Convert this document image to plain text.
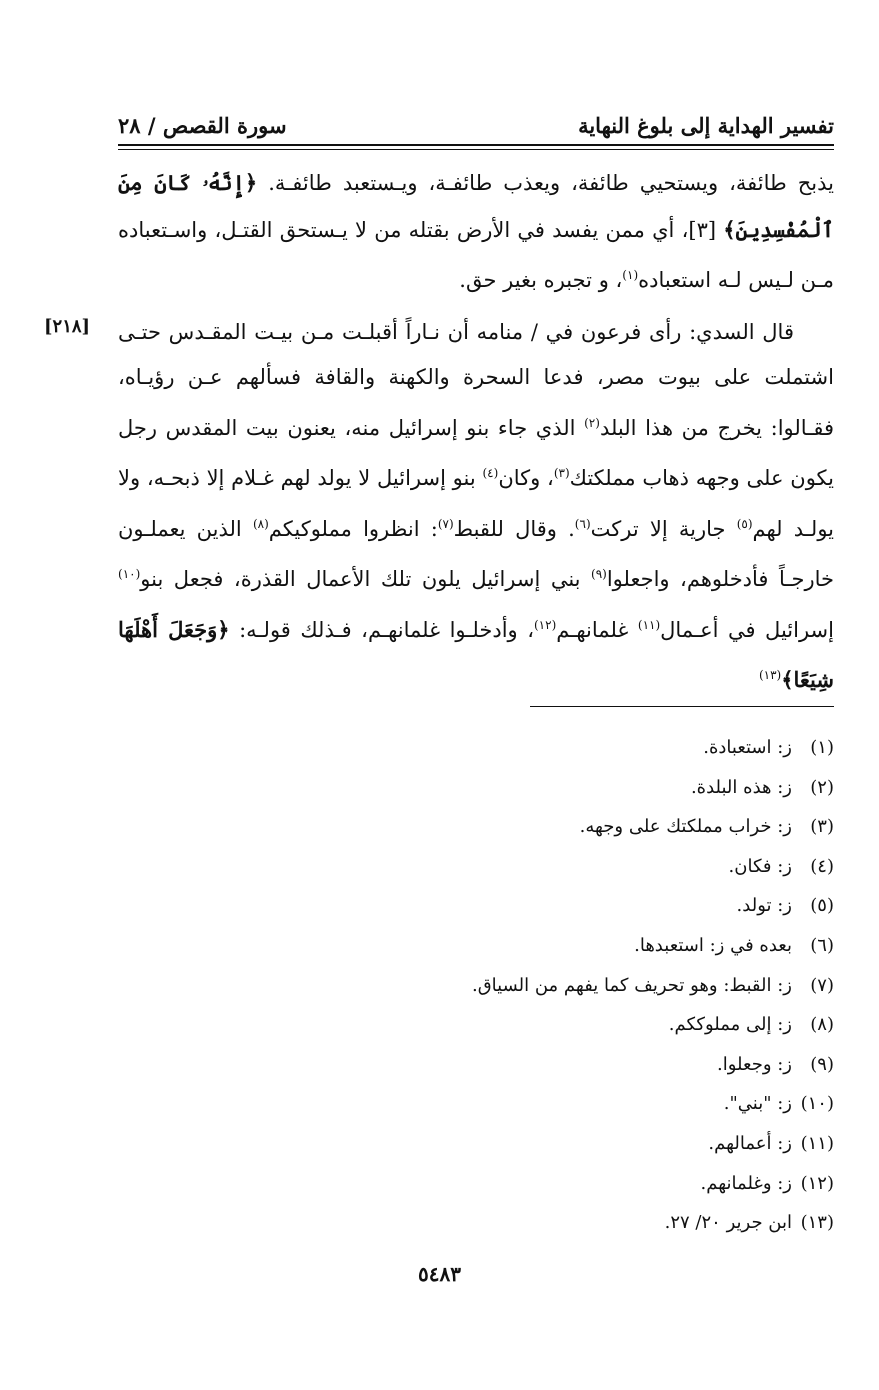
تفسير الهداية إلى بلوغ النهاية
سورة القصص / ٢٨

يذبح طائفة، ويستحيي طائفة، ويعذب طائفـة، ويـستعبد طائفـة. ﴿إِنَّهُۥ كَانَ مِنَ ٱلْمُفْسِدِينَ﴾ [٣]، أي ممن يفسد في الأرض بقتله من لا يـستحق القتـل، واسـتعباده مـن لـيس لـه استعباده$^{(١)}$، و تجبره بغير حق.

قال السدي: رأى فرعون في / منامه أن نـاراً أقبلـت مـن بيـت المقـدس حتـى اشتملت على بيوت مصر، فدعا السحرة والكهنة والقافة فسألهم عـن رؤيـاه، فقـالوا: يخرج من هذا البلد$^{(٢)}$ الذي جاء بنو إسرائيل منه، يعنون بيت المقدس رجل يكون على وجهه ذهاب مملكتك$^{(٣)}$، وكان$^{(٤)}$ بنو إسرائيل لا يولد لهم غـلام إلا ذبحـه، ولا يولـد لهم$^{(٥)}$ جارية إلا تركت$^{(٦)}$. وقال للقبط$^{(٧)}$: انظروا مملوكيكم$^{(٨)}$ الذين يعملـون خارجـاً فأدخلوهم، واجعلوا$^{(٩)}$ بني إسرائيل يلون تلك الأعمال القذرة، فجعل بنو$^{(١٠)}$ إسرائيل في أعـمال$^{(١١)}$ غلمانهـم$^{(١٢)}$، وأدخلـوا غلمانهـم، فـذلك قولـه: ﴿وَجَعَلَ أَهْلَهَا شِيَعًا﴾$^{(١٣)}$

[٢١٨]
(١)
ز: استعبادة.
(٢)
ز: هذه البلدة.
(٣)
ز: خراب مملكتك على وجهه.
(٤)
ز: فكان.
(٥)
ز: تولد.
(٦)
بعده في ز: استعبدها.
(٧)
ز: القبط: وهو تحريف كما يفهم من السياق.
(٨)
ز: إلى مملوككم.
(٩)
ز: وجعلوا.
(١٠)
ز: "بني".
(١١)
ز: أعمالهم.
(١٢)
ز: وغلمانهم.
(١٣)
ابن جرير ٢٠/ ٢٧.
٥٤٨٣
